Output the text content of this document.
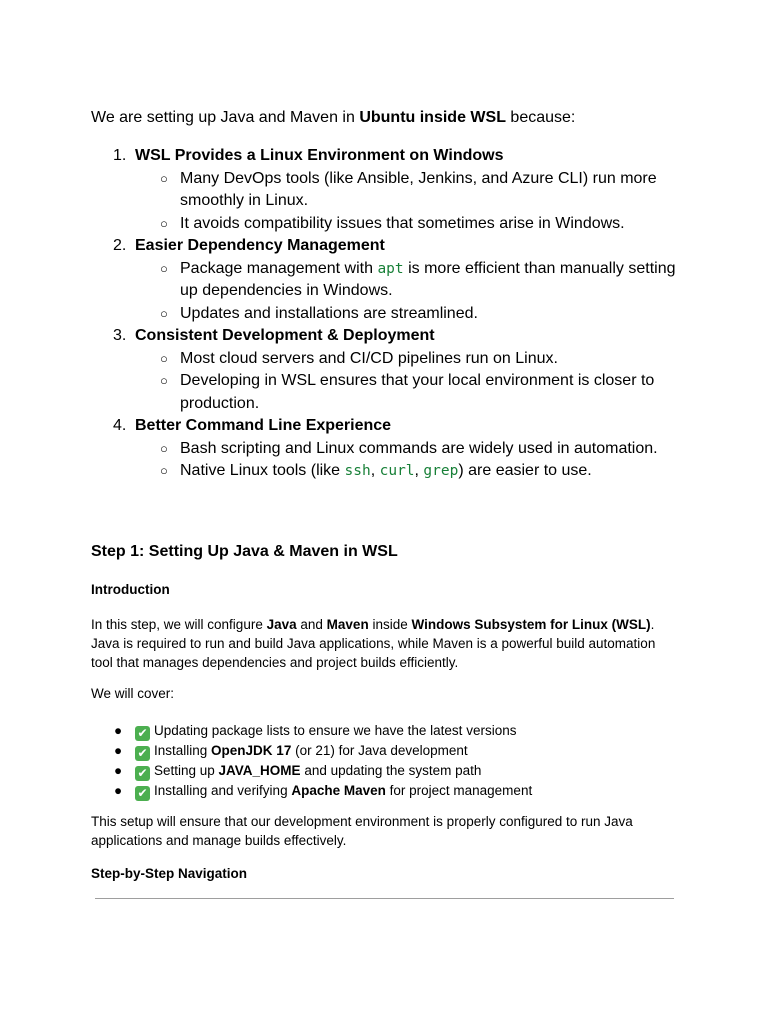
We are setting up Java and Maven in Ubuntu inside WSL because:
1. WSL Provides a Linux Environment on Windows
○ Many DevOps tools (like Ansible, Jenkins, and Azure CLI) run more smoothly in Linux.
○ It avoids compatibility issues that sometimes arise in Windows.
2. Easier Dependency Management
○ Package management with apt is more efficient than manually setting up dependencies in Windows.
○ Updates and installations are streamlined.
3. Consistent Development & Deployment
○ Most cloud servers and CI/CD pipelines run on Linux.
○ Developing in WSL ensures that your local environment is closer to production.
4. Better Command Line Experience
○ Bash scripting and Linux commands are widely used in automation.
○ Native Linux tools (like ssh, curl, grep) are easier to use.
Step 1: Setting Up Java & Maven in WSL
Introduction
In this step, we will configure Java and Maven inside Windows Subsystem for Linux (WSL). Java is required to run and build Java applications, while Maven is a powerful build automation tool that manages dependencies and project builds efficiently.
We will cover:
● ✔ Updating package lists to ensure we have the latest versions
● ✔ Installing OpenJDK 17 (or 21) for Java development
● ✔ Setting up JAVA_HOME and updating the system path
● ✔ Installing and verifying Apache Maven for project management
This setup will ensure that our development environment is properly configured to run Java applications and manage builds effectively.
Step-by-Step Navigation
